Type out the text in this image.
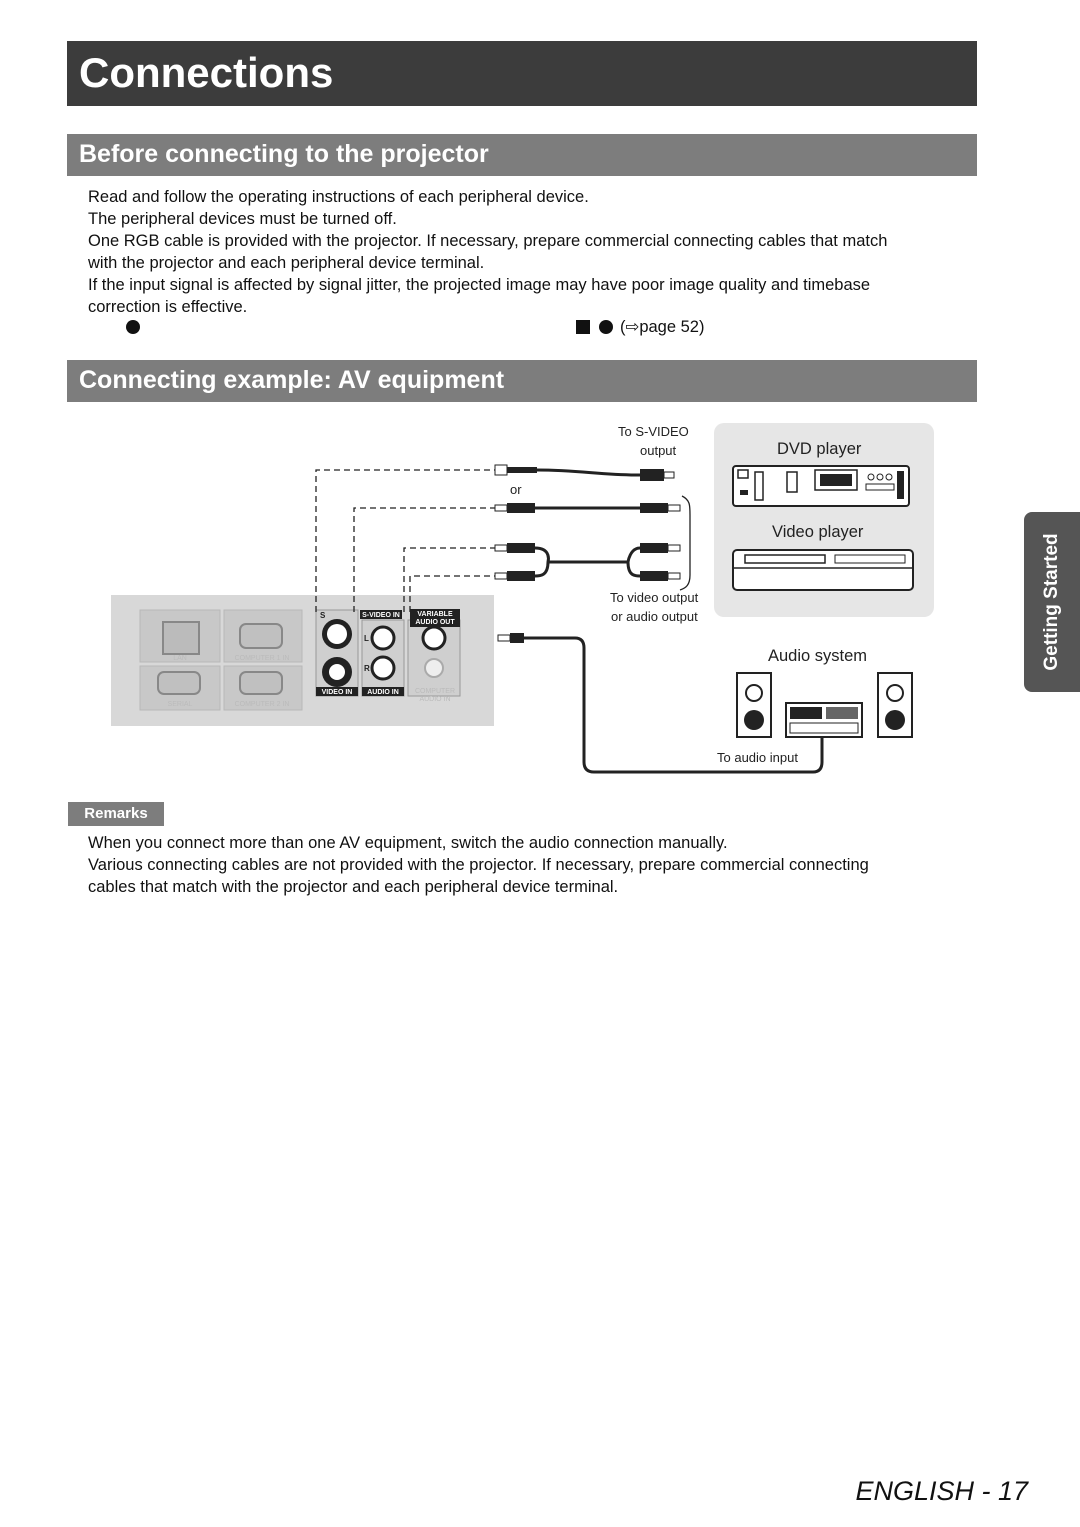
Connections
Before connecting to the projector
Read and follow the operating instructions of each peripheral device.
The peripheral devices must be turned off.
One RGB cable is provided with the projector. If necessary, prepare commercial connecting cables that match
with the projector and each peripheral device terminal.
If the input signal is affected by signal jitter, the projected image may have poor image quality and timebase
correction is effective.
(⇨page 52)
Connecting example: AV equipment
LAN	COMPUTER 1 IN
SERIAL	COMPUTER 2 IN
S	S-VIDEO IN	VARIABLE
AUDIO OUT
L
R
VIDEO IN AUDIO IN COMPUTER
AUDIO IN
To S-VIDEO
output
or
DVD player
Video player
To video output
or audio output
Audio system
To audio input
Remarks
When you connect more than one AV equipment, switch the audio connection manually.
Various connecting cables are not provided with the projector. If necessary, prepare commercial connecting
cables that match with the projector and each peripheral device terminal.
Getting Started
ENGLISH - 17
